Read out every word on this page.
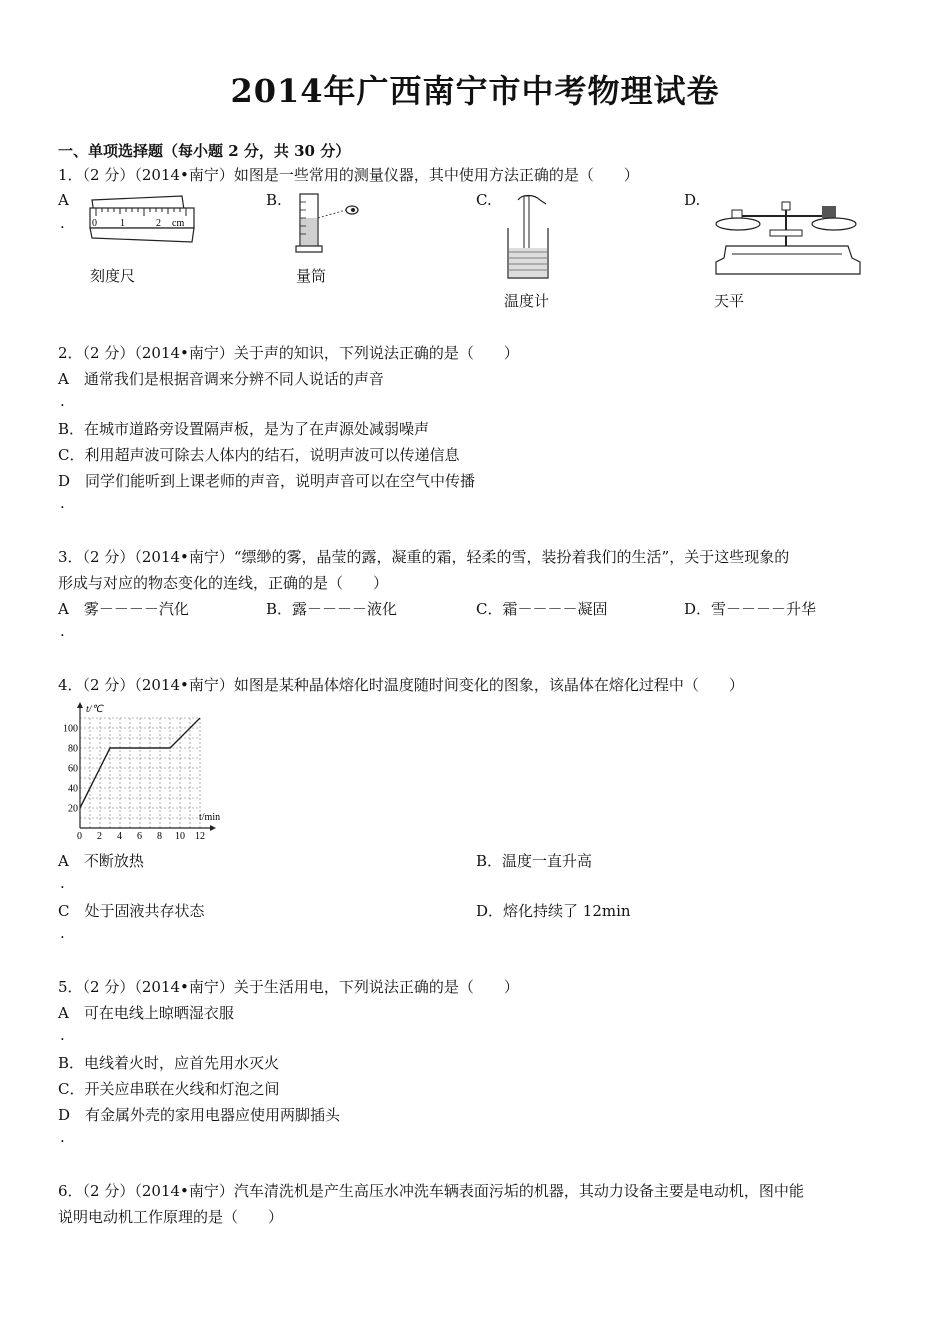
2014年广西南宁市中考物理试卷
一、单项选择题（每小题 2 分，共 30 分）
1．（2 分）（2014•南宁）如图是一些常用的测量仪器，其中使用方法正确的是（　　）
A
.
B.	C.	D.
0 1	2 cm
刻度尺	量筒
温度计	天平
2．（2 分）（2014•南宁）关于声的知识，下列说法正确的是（　　）
A　通常我们是根据音调来分辨不同人说话的声音
.
B．在城市道路旁设置隔声板，是为了在声源处减弱噪声
C．利用超声波可除去人体内的结石，说明声波可以传递信息
D　同学们能听到上课老师的声音，说明声音可以在空气中传播
.
3．（2 分）（2014•南宁）“缥缈的雾，晶莹的露，凝重的霜，轻柔的雪，装扮着我们的生活”，关于这些现象的
形成与对应的物态变化的连线，正确的是（　　）
A　雾－－－－汽化	B．露－－－－液化	C．霜－－－－凝固	D．雪－－－－升华
.
4．（2 分）（2014•南宁）如图是某种晶体熔化时温度随时间变化的图象，该晶体在熔化过程中（　　）
t/℃
t/min
0 2 4 6 8 10 12
20
40
60
80
100
A　不断放热	B．温度一直升高
.
C　处于固液共存状态	D．熔化持续了 12min
.
5．（2 分）（2014•南宁）关于生活用电，下列说法正确的是（　　）
A　可在电线上晾晒湿衣服
.
B．电线着火时，应首先用水灭火
C．开关应串联在火线和灯泡之间
D　有金属外壳的家用电器应使用两脚插头
.
6．（2 分）（2014•南宁）汽车清洗机是产生高压水冲洗车辆表面污垢的机器，其动力设备主要是电动机，图中能
说明电动机工作原理的是（　　）
